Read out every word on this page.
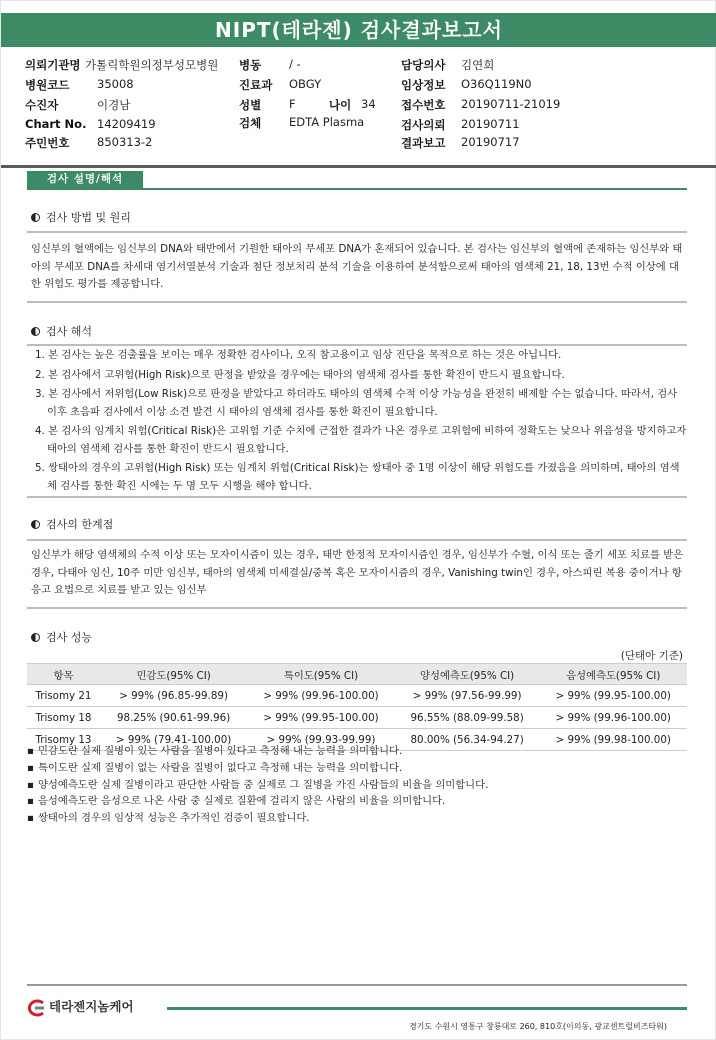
NIPT(테라젠) 검사결과보고서
의뢰기관명 가톨릭학원의정부성모병원 병동 / -	담당의사 김연희
병원코드 35008	진료과 OBGY	임상정보 O36Q119N0
수진자	이경남	성별 F	나이 34 접수번호 20190711-21019
Chart No. 14209419	검체 EDTA Plasma	검사의뢰 20190711
주민번호 850313-2	결과보고 20190717
검사 설명/해석
검사 방법 및 원리
임신부의 혈액에는 임신부의 DNA와 태반에서 기원한 태아의 무세포 DNA가 혼재되어 있습니다. 본 검사는 임신부의 혈액에 존재하는 임신부와 태아의 무세포 DNA를 차세대 염기서열분석 기술과 첨단 정보처리 분석 기술을 이용하여 분석함으로써 태아의 염색체 21, 18, 13번 수적 이상에 대한 위험도 평가를 제공합니다.
검사 해석
1. 본 검사는 높은 검출률을 보이는 매우 정확한 검사이나, 오직 참고용이고 임상 진단을 목적으로 하는 것은 아닙니다.
2. 본 검사에서 고위험(High Risk)으로 판정을 받았을 경우에는 태아의 염색체 검사를 통한 확진이 반드시 필요합니다.
3. 본 검사에서 저위험(Low Risk)으로 판정을 받았다고 하더라도 태아의 염색체 수적 이상 가능성을 완전히 배제할 수는 없습니다. 따라서, 검사 이후 초음파 검사에서 이상 소견 발견 시 태아의 염색체 검사를 통한 확진이 필요합니다.
4. 본 검사의 임계치 위험(Critical Risk)은 고위험 기준 수치에 근접한 결과가 나온 경우로 고위험에 비하여 정확도는 낮으나 위음성을 방지하고자 태아의 염색체 검사를 통한 확진이 반드시 필요합니다.
5. 쌍태아의 경우의 고위험(High Risk) 또는 임계치 위험(Critical Risk)는 쌍태아 중 1명 이상이 해당 위험도를 가졌음을 의미하며, 태아의 염색체 검사를 통한 확진 시에는 두 명 모두 시행을 해야 합니다.
검사의 한계점
임신부가 해당 염색체의 수적 이상 또는 모자이시즘이 있는 경우, 태반 한정적 모자이시즘인 경우, 임신부가 수혈, 이식 또는 줄기 세포 치료를 받은 경우, 다태아 임신, 10주 미만 임신부, 태아의 염색체 미세결실/중복 혹은 모자이시즘의 경우, Vanishing twin인 경우, 아스피린 복용 중이거나 항 응고 요법으로 치료를 받고 있는 임신부
검사 성능
(단태아 기준)
항목	민감도(95% CI)	특이도(95% CI)	양성예측도(95% CI)	음성예측도(95% CI)
Trisomy 21	> 99% (96.85-99.89)	> 99% (99.96-100.00)	> 99% (97.56-99.99)	> 99% (99.95-100.00)
Trisomy 18	98.25% (90.61-99.96)	> 99% (99.95-100.00)	96.55% (88.09-99.58)	> 99% (99.96-100.00)
Trisomy 13	> 99% (79.41-100.00)	> 99% (99.93-99.99)	80.00% (56.34-94.27)	> 99% (99.98-100.00)
▪ 민감도란 실제 질병이 있는 사람을 질병이 있다고 측정해 내는 능력을 의미합니다.
▪ 특이도란 실제 질병이 없는 사람을 질병이 없다고 측정해 내는 능력을 의미합니다.
▪ 양성예측도란 실제 질병이라고 판단한 사람들 중 실제로 그 질병을 가진 사람들의 비율을 의미합니다.
▪ 음성예측도란 음성으로 나온 사람 중 실제로 질환에 걸리지 않은 사람의 비율을 의미합니다.
▪ 쌍태아의 경우의 임상적 성능은 추가적인 검증이 필요합니다.
테라젠지놈케어
경기도 수원시 영통구 창룡대로 260, 810호(이의동, 광교센트럴비즈타워)
